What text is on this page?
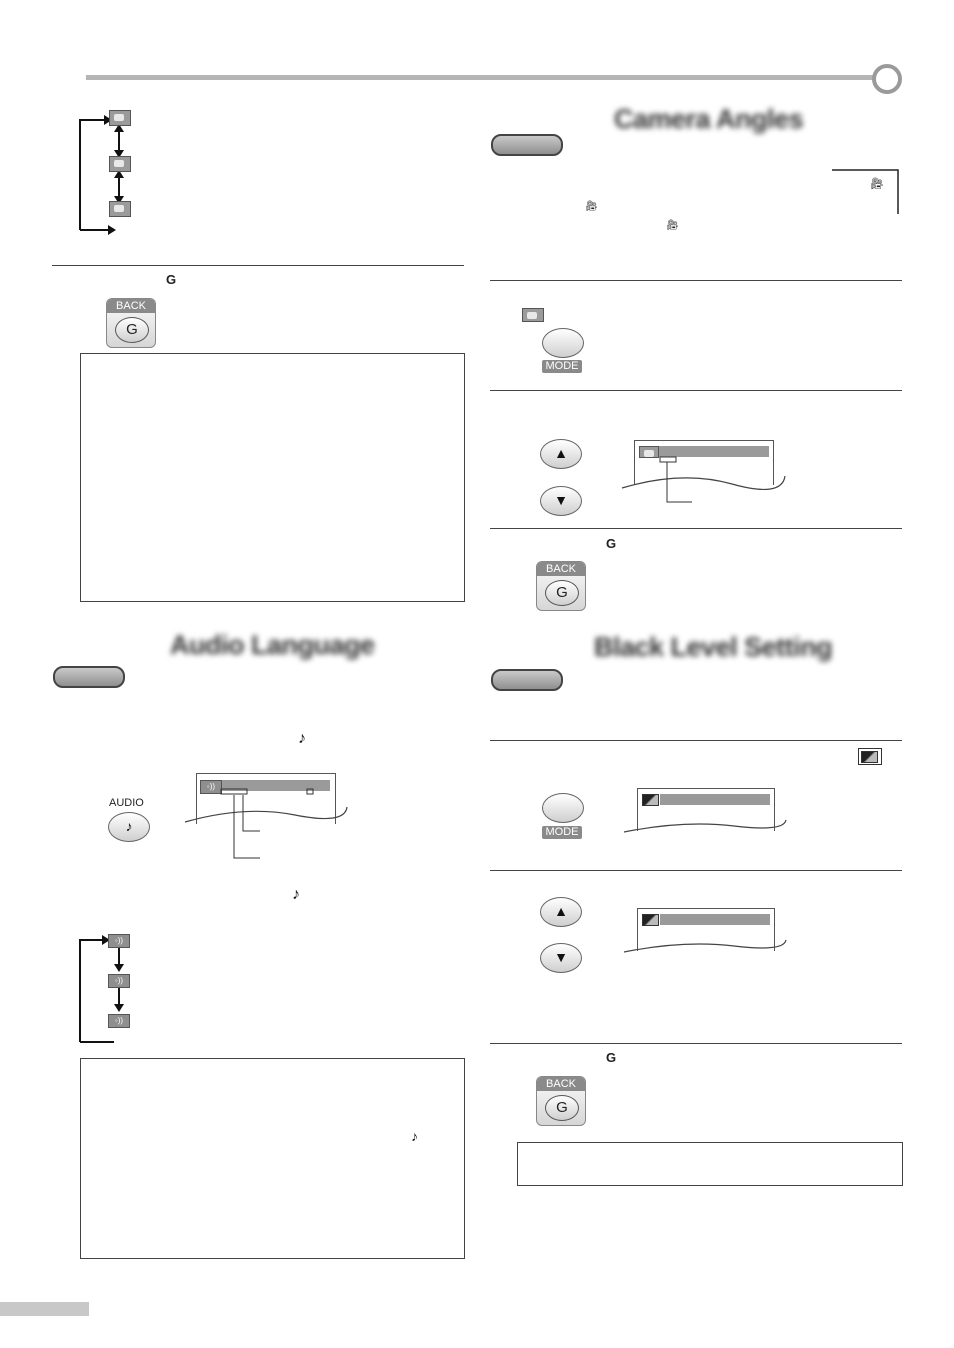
G
BACK
G
Audio Language
♪
AUDIO
♪
◦))
♪
◦))
◦))
◦))
♪
Camera Angles
🎥︎
🎥︎
🎥︎
MODE
▲
▼
G
BACK
G
Black Level Setting
MODE
▲
▼
G
BACK
G
